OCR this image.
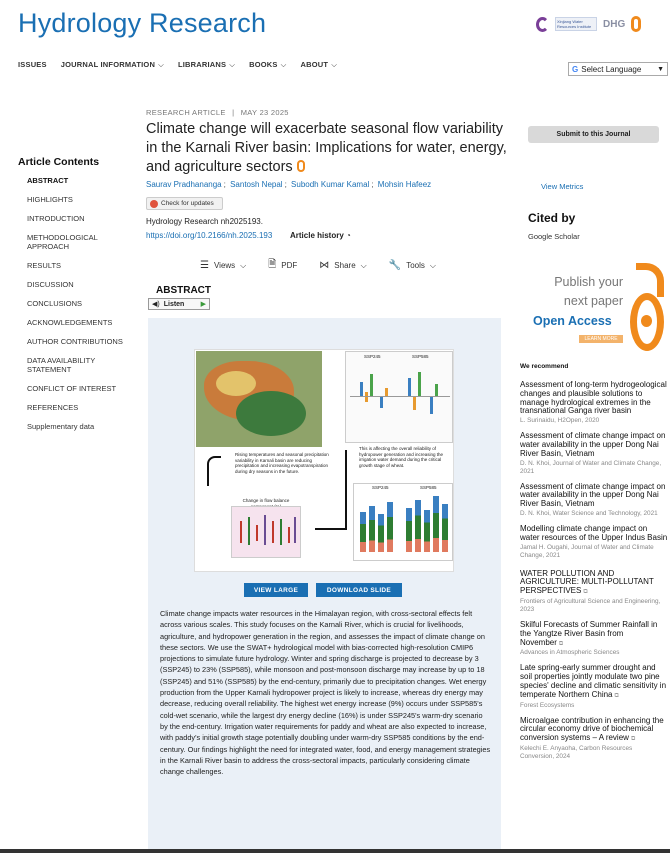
Hydrology Research	Xinjiang Water Resources Institute	DHG
ISSUES JOURNAL INFORMATION ⌵ LIBRARIANS ⌵ BOOKS ⌵ ABOUT ⌵	G Select Language ▼
Article Contents
ABSTRACT
HIGHLIGHTS
INTRODUCTION
METHODOLOGICAL APPROACH
RESULTS
DISCUSSION
CONCLUSIONS
ACKNOWLEDGEMENTS
AUTHOR CONTRIBUTIONS
DATA AVAILABILITY STATEMENT
CONFLICT OF INTEREST
REFERENCES
Supplementary data
RESEARCH ARTICLE | MAY 23 2025
Climate change will exacerbate seasonal flow variability in the Karnali River basin: Implications for water, energy, and agriculture sectors
Saurav Pradhananga ; Santosh Nepal ; Subodh Kumar Kamal ; Mohsin Hafeez
Check for updates
Hydrology Research nh2025193.
https://doi.org/10.2166/nh.2025.193 Article history ◔
☰ Views ⌵ 🗎 PDF ⋈ Share ⌵ 🔧 Tools ⌵
ABSTRACT
◀) Listen ▶
SSP245	SSP585
Rising temperatures and seasonal precipitation variability in Karnali basin are reducing precipitation and increasing evapotranspiration during dry seasons in the future.
This is affecting the overall reliability of hydropower generation and increasing the irrigation water demand during the critical growth stage of wheat.
Change in flow balance
SSP245	SSP585
VIEW LARGE	DOWNLOAD SLIDE
Climate change impacts water resources in the Himalayan region, with cross-sectoral effects felt across various scales. This study focuses on the Karnali River, which is crucial for livelihoods, agriculture, and hydropower generation in the region, and assesses the impact of climate change on these sectors. We use the SWAT+ hydrological model with bias-corrected high-resolution CMIP6 projections to simulate future hydrology. Winter and spring discharge is projected to decrease by 3 (SSP245) to 23% (SSP585), while monsoon and post-monsoon discharge may increase by up to 18 (SSP245) and 51% (SSP585) by the end-century, primarily due to precipitation changes. Wet energy production from the Upper Karnali hydropower project is likely to increase, whereas dry energy may decrease, reducing overall reliability. The highest wet energy increase (9%) occurs under SSP585's cold-wet scenario, while the largest dry energy decline (16%) is under SSP245's warm-dry scenario by the end-century. Irrigation water requirements for paddy and wheat are also expected to increase, with paddy's initial growth stage potentially doubling under warm-dry SSP585 conditions by the end-century. Our findings highlight the need for integrated water, food, and energy management strategies in the Karnali River basin to address the cross-sectoral impacts, particularly considering climate change challenges.
Submit to this Journal
View Metrics
Cited by
Google Scholar
Publish your next paper
Open Access
LEARN MORE
We recommend
Assessment of long-term hydrogeological changes and plausible solutions to manage hydrological extremes in the transnational Ganga river basin
L. Surinaidu, H2Open, 2020
Assessment of climate change impact on water availability in the upper Dong Nai River Basin, Vietnam
D. N. Khoi, Journal of Water and Climate Change, 2021
Assessment of climate change impact on water availability in the upper Dong Nai River Basin, Vietnam
D. N. Khoi, Water Science and Technology, 2021
Modelling climate change impact on water resources of the Upper Indus Basin
Jamal H. Ougahi, Journal of Water and Climate Change, 2021
WATER POLLUTION AND AGRICULTURE: MULTI-POLLUTANT PERSPECTIVES ⧉
Frontiers of Agricultural Science and Engineering, 2023
Skilful Forecasts of Summer Rainfall in the Yangtze River Basin from November ⧉
Advances in Atmospheric Sciences
Late spring-early summer drought and soil properties jointly modulate two pine species' decline and climatic sensitivity in temperate Northern China ⧉
Forest Ecosystems
Microalgae contribution in enhancing the circular economy drive of biochemical conversion systems – A review ⧉
Kelechi E. Anyaoha, Carbon Resources Conversion, 2024
